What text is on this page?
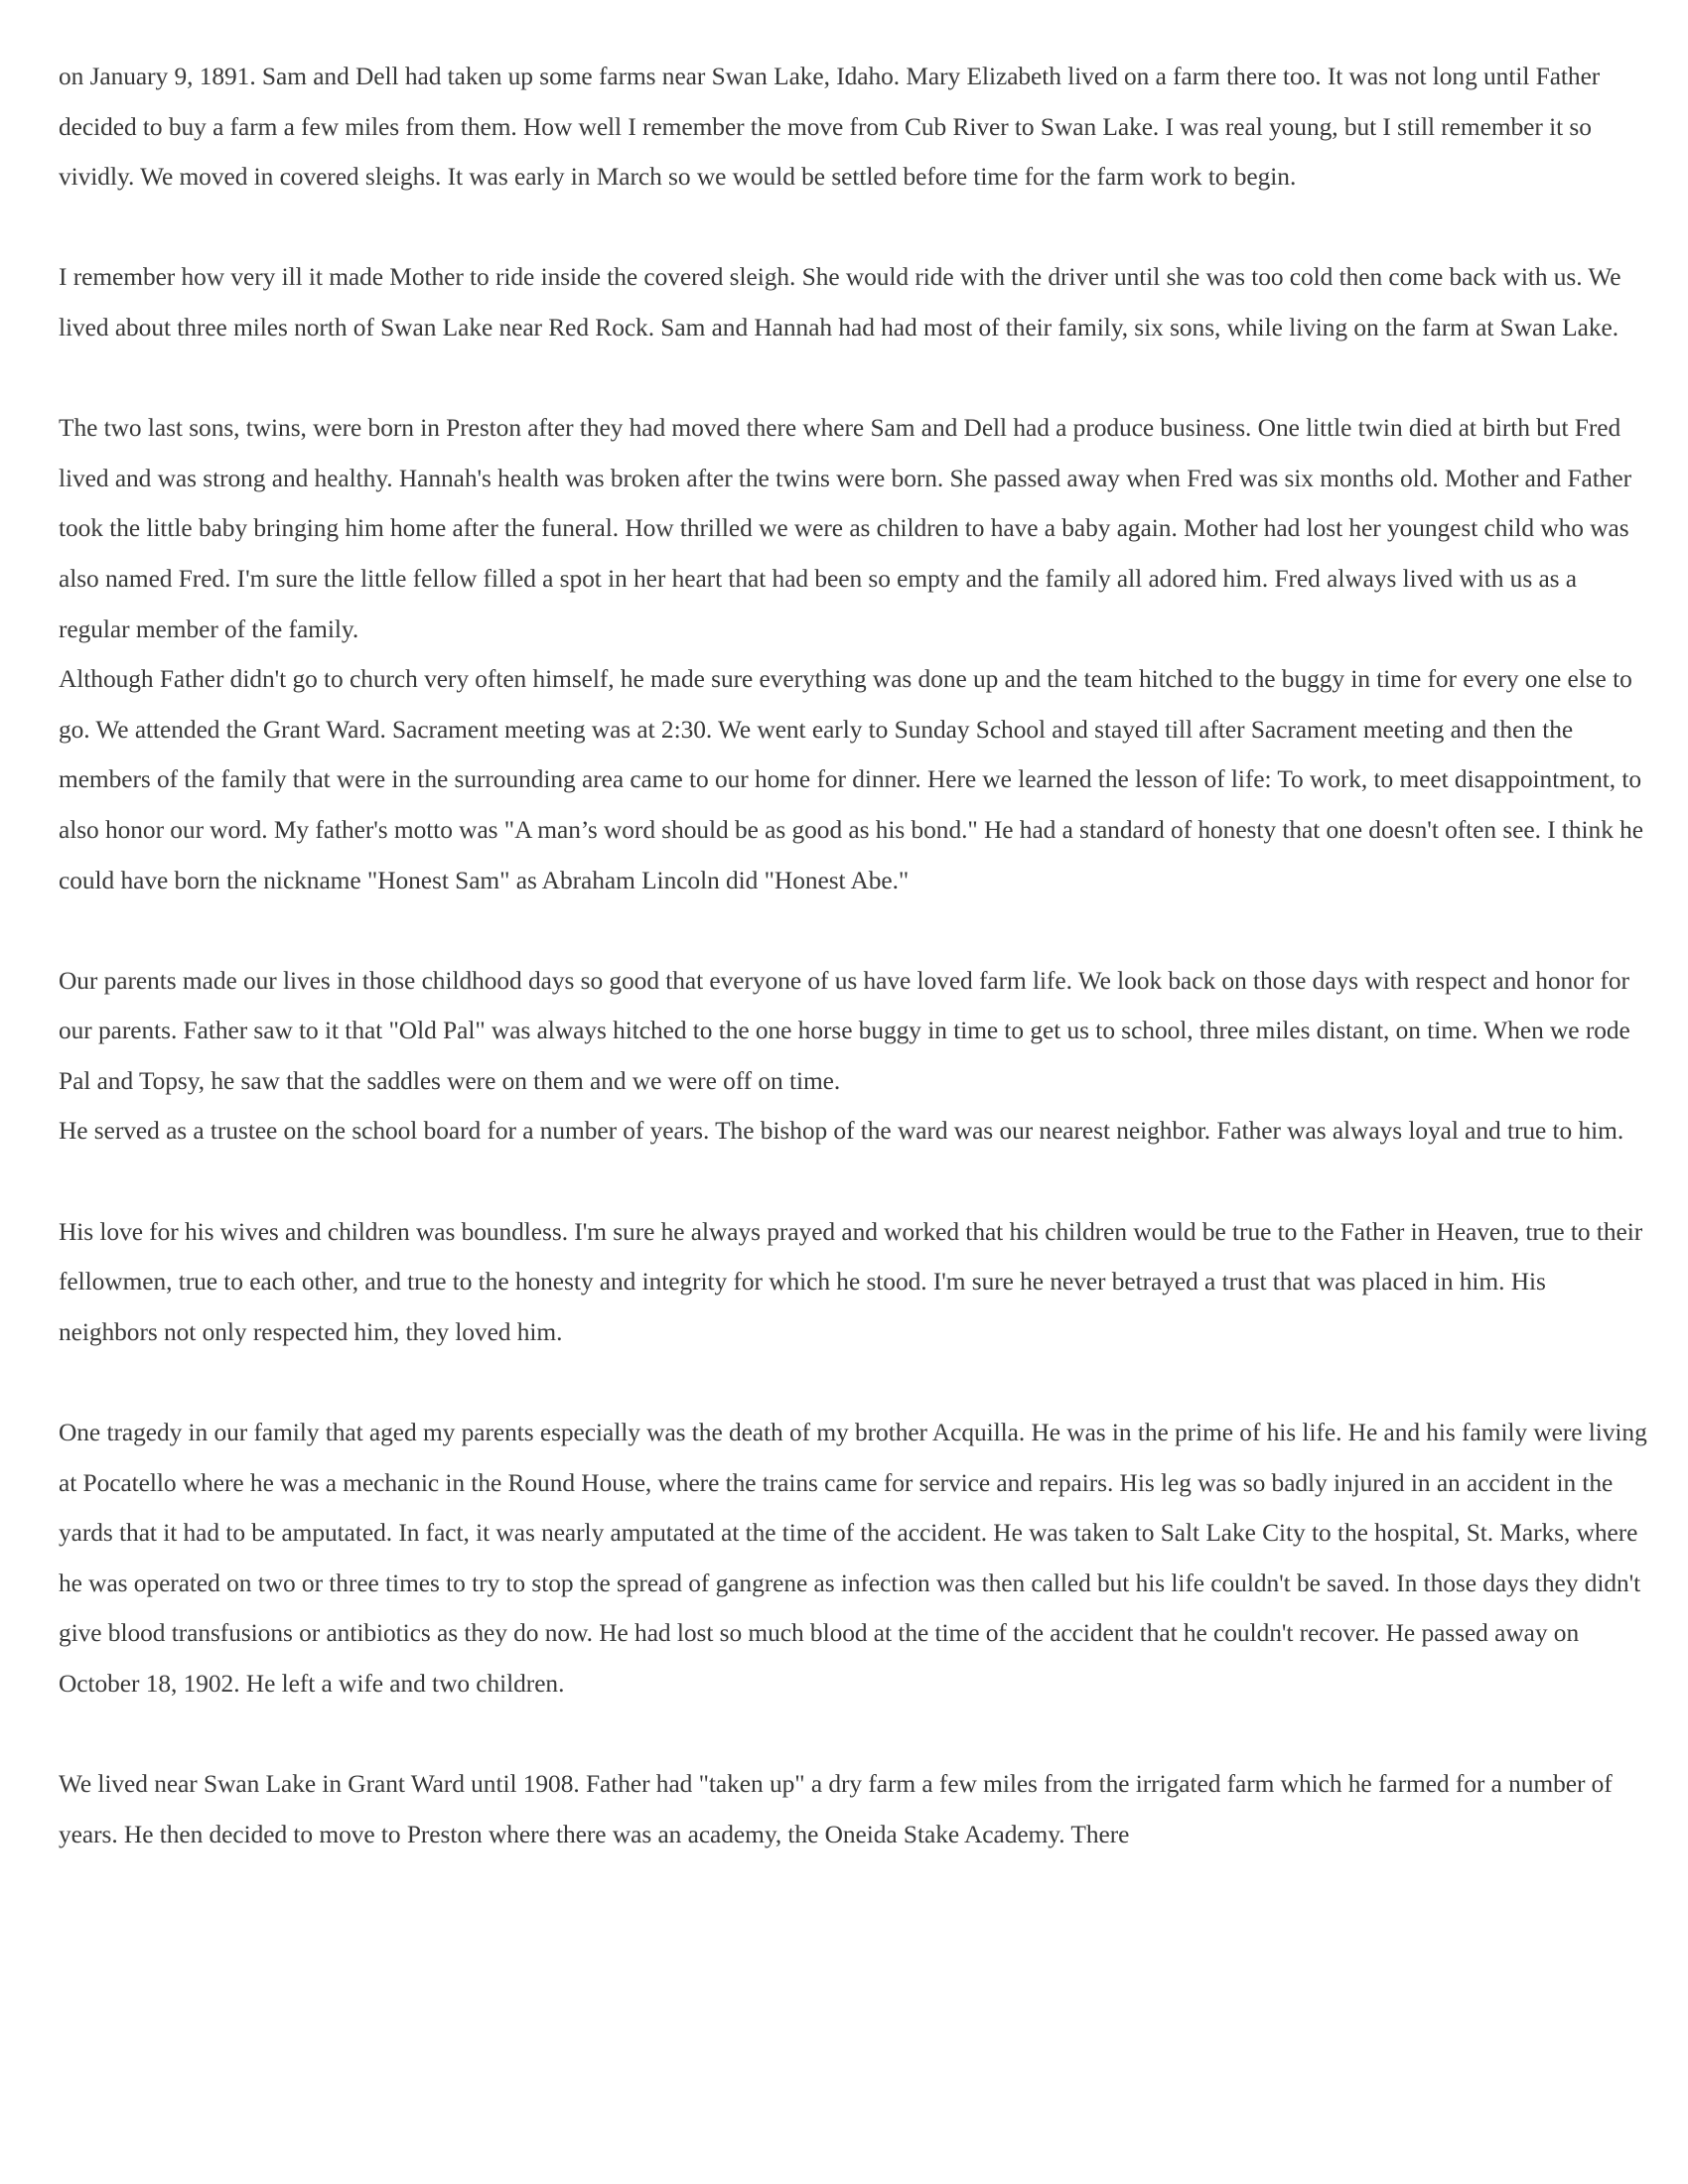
on January 9, 1891. Sam and Dell had taken up some farms near Swan Lake, Idaho. Mary Elizabeth lived on a farm there too. It was not long until Father decided to buy a farm a few miles from them. How well I remember the move from Cub River to Swan Lake. I was real young, but I still remember it so vividly. We moved in covered sleighs. It was early in March so we would be settled before time for the farm work to begin.

I remember how very ill it made Mother to ride inside the covered sleigh. She would ride with the driver until she was too cold then come back with us. We lived about three miles north of Swan Lake near Red Rock. Sam and Hannah had had most of their family, six sons, while living on the farm at Swan Lake.

The two last sons, twins, were born in Preston after they had moved there where Sam and Dell had a produce business. One little twin died at birth but Fred lived and was strong and healthy. Hannah's health was broken after the twins were born. She passed away when Fred was six months old. Mother and Father took the little baby bringing him home after the funeral. How thrilled we were as children to have a baby again. Mother had lost her youngest child who was also named Fred. I'm sure the little fellow filled a spot in her heart that had been so empty and the family all adored him. Fred always lived with us as a regular member of the family.

Although Father didn't go to church very often himself, he made sure everything was done up and the team hitched to the buggy in time for every one else to go. We attended the Grant Ward. Sacrament meeting was at 2:30. We went early to Sunday School and stayed till after Sacrament meeting and then the members of the family that were in the surrounding area came to our home for dinner. Here we learned the lesson of life: To work, to meet disappointment, to also honor our word. My father's motto was "A man’s word should be as good as his bond." He had a standard of honesty that one doesn't often see. I think he could have born the nickname "Honest Sam" as Abraham Lincoln did "Honest Abe."

Our parents made our lives in those childhood days so good that everyone of us have loved farm life. We look back on those days with respect and honor for our parents. Father saw to it that "Old Pal" was always hitched to the one horse buggy in time to get us to school, three miles distant, on time. When we rode Pal and Topsy, he saw that the saddles were on them and we were off on time.

He served as a trustee on the school board for a number of years. The bishop of the ward was our nearest neighbor. Father was always loyal and true to him.

His love for his wives and children was boundless. I'm sure he always prayed and worked that his children would be true to the Father in Heaven, true to their fellowmen, true to each other, and true to the honesty and integrity for which he stood. I'm sure he never betrayed a trust that was placed in him. His neighbors not only respected him, they loved him.

One tragedy in our family that aged my parents especially was the death of my brother Acquilla. He was in the prime of his life. He and his family were living at Pocatello where he was a mechanic in the Round House, where the trains came for service and repairs. His leg was so badly injured in an accident in the yards that it had to be amputated. In fact, it was nearly amputated at the time of the accident. He was taken to Salt Lake City to the hospital, St. Marks, where he was operated on two or three times to try to stop the spread of gangrene as infection was then called but his life couldn't be saved. In those days they didn't give blood transfusions or antibiotics as they do now. He had lost so much blood at the time of the accident that he couldn't recover. He passed away on October 18, 1902. He left a wife and two children.

We lived near Swan Lake in Grant Ward until 1908. Father had "taken up" a dry farm a few miles from the irrigated farm which he farmed for a number of years. He then decided to move to Preston where there was an academy, the Oneida Stake Academy. There
